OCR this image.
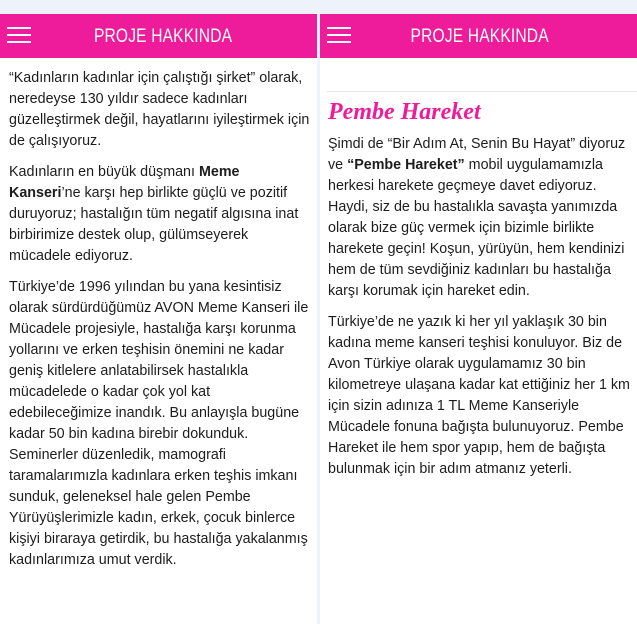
PROJE HAKKINDA

“Kadınların kadınlar için çalıştığı şirket” olarak, neredeyse 130 yıldır sadece kadınları güzelleştirmek değil, hayatlarını iyileştirmek için de çalışıyoruz.

Kadınların en büyük düşmanı Meme Kanseri’ne karşı hep birlikte güçlü ve pozitif duruyoruz; hastalığın tüm negatif algısına inat birbirimize destek olup, gülümseyerek mücadele ediyoruz.

Türkiye’de 1996 yılından bu yana kesintisiz olarak sürdürdüğümüz AVON Meme Kanseri ile Mücadele projesiyle, hastalığa karşı korunma yollarını ve erken teşhisin önemini ne kadar geniş kitlelere anlatabilirsek hastalıkla mücadelede o kadar çok yol kat edebileceğimize inandık. Bu anlayışla bugüne kadar 50 bin kadına birebir dokunduk. Seminerler düzenledik, mamografi taramalarımızla kadınlara erken teşhis imkanı sunduk, geleneksel hale gelen Pembe Yürüyüşlerimizle kadın, erkek, çocuk binlerce kişiyi biraraya getirdik, bu hastalığa yakalanmış kadınlarımıza umut verdik.

PROJE HAKKINDA
Pembe Hareket

Şimdi de “Bir Adım At, Senin Bu Hayat” diyoruz ve “Pembe Hareket” mobil uygulamamızla herkesi harekete geçmeye davet ediyoruz. Haydi, siz de bu hastalıkla savaşta yanımızda olarak bize güç vermek için bizimle birlikte harekete geçin! Koşun, yürüyün, hem kendinizi hem de tüm sevdiğiniz kadınları bu hastalığa karşı korumak için hareket edin.

Türkiye’de ne yazık ki her yıl yaklaşık 30 bin kadına meme kanseri teşhisi konuluyor. Biz de Avon Türkiye olarak uygulamamız 30 bin kilometreye ulaşana kadar kat ettiğiniz her 1 km için sizin adınıza 1 TL Meme Kanseriyle Mücadele fonuna bağışta bulunuyoruz. Pembe Hareket ile hem spor yapıp, hem de bağışta bulunmak için bir adım atmanız yeterli.
